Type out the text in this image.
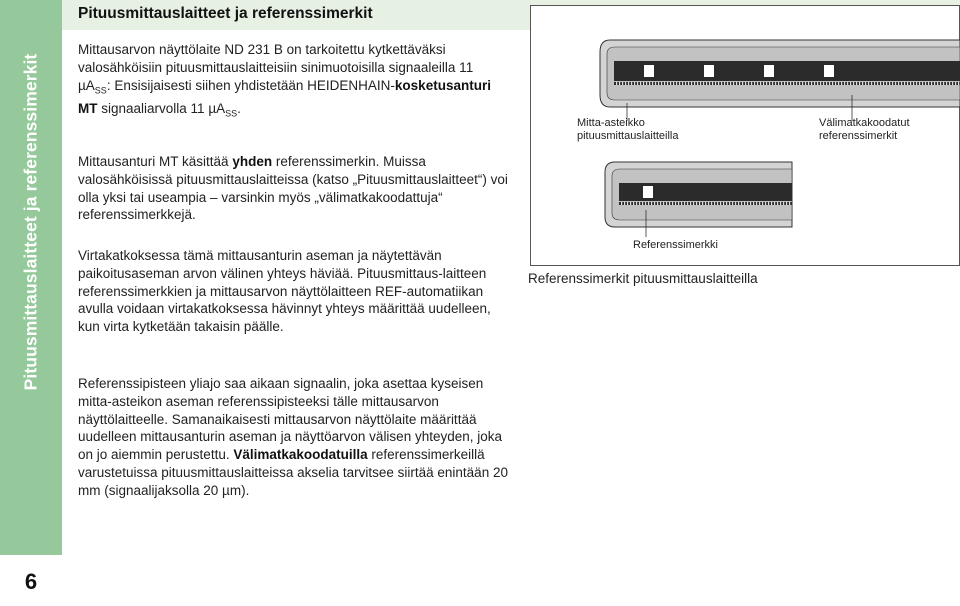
Pituusmittauslaitteet ja referenssimerkit
6
Pituusmittauslaitteet ja referenssimerkit

Mittausarvon näyttölaite ND 231 B on tarkoitettu kytkettäväksi valosähköisiin pituusmittauslaitteisiin sinimuotoisilla signaaleilla 11 µA$_{SS}$: Ensisijaisesti siihen yhdistetään HEIDENHAIN-kosketusanturi MT signaaliarvolla 11 µA$_{SS}$.

Mittausanturi MT käsittää yhden referenssimerkin. Muissa valosähköisissä pituusmittauslaitteissa (katso „Pituusmittauslaitteet“) voi olla yksi tai useampia – varsinkin myös „välimatkakoodattuja“ referenssimerkkejä.

Virtakatkoksessa tämä mittausanturin aseman ja näytettävän paikoitusaseman arvon välinen yhteys häviää. Pituusmittaus-laitteen referenssimerkkien ja mittausarvon näyttölaitteen REF-automatiikan avulla voidaan virtakatkoksessa hävinnyt yhteys määrittää uudelleen, kun virta kytketään takaisin päälle.

Referenssipisteen yliajo saa aikaan signaalin, joka asettaa kyseisen mitta-asteikon aseman referenssipisteeksi tälle mittausarvon näyttölaitteelle. Samanaikaisesti mittausarvon näyttölaite määrittää uudelleen mittausanturin aseman ja näyttöarvon välisen yhteyden, joka on jo aiemmin perustettu. Välimatkakoodatuilla referenssimerkeillä varustetuissa pituusmittauslaitteissa akselia tarvitsee siirtää enintään 20 mm (signaalijaksolla 20 µm).

Mitta-asteikko
pituusmittauslaitteilla
Välimatkakoodatut
referenssimerkit
Referenssimerkki
Referenssimerkit pituusmittauslaitteilla
